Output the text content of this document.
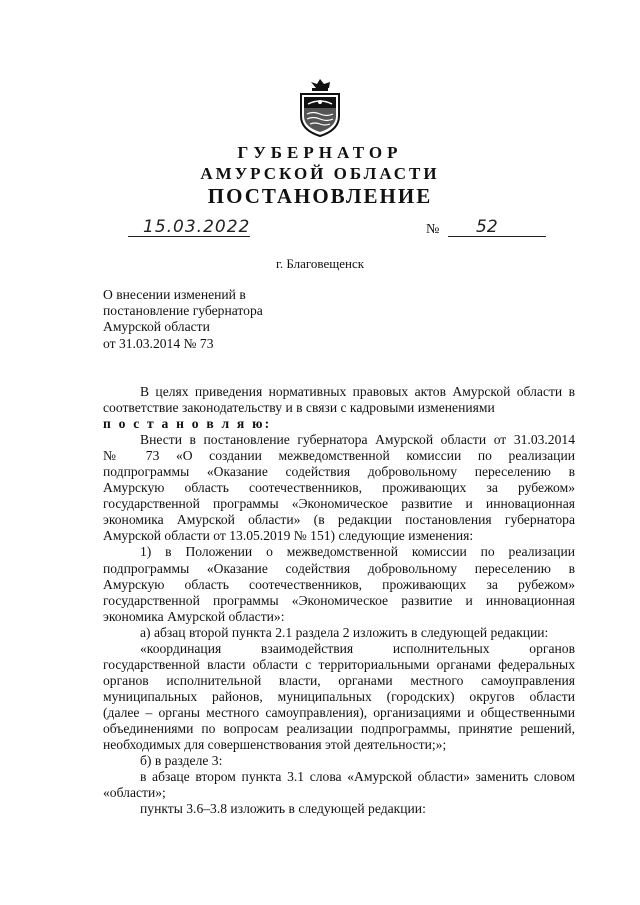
ГУБЕРНАТОР
АМУРСКОЙ ОБЛАСТИ
ПОСТАНОВЛЕНИЕ
15.03.2022	№ 52
г. Благовещенск
О внесении изменений в
постановление губернатора
Амурской области
от 31.03.2014 № 73

В целях приведения нормативных правовых актов Амурской области в
соответствие законодательству и в связи с кадровыми изменениями

п о с т а н о в л я ю:

Внести в постановление губернатора Амурской области от 31.03.2014
№ 73 «О создании межведомственной комиссии по реализации
подпрограммы «Оказание содействия добровольному переселению в
Амурскую область соотечественников, проживающих за рубежом»
государственной программы «Экономическое развитие и инновационная
экономика Амурской области» (в редакции постановления губернатора
Амурской области от 13.05.2019 № 151) следующие изменения:

1) в Положении о межведомственной комиссии по реализации
подпрограммы «Оказание содействия добровольному переселению в
Амурскую область соотечественников, проживающих за рубежом»
государственной программы «Экономическое развитие и инновационная
экономика Амурской области»:

а) абзац второй пункта 2.1 раздела 2 изложить в следующей редакции:

«координация взаимодействия исполнительных органов
государственной власти области с территориальными органами федеральных
органов исполнительной власти, органами местного самоуправления
муниципальных районов, муниципальных (городских) округов области
(далее – органы местного самоуправления), организациями и общественными
объединениями по вопросам реализации подпрограммы, принятие решений,
необходимых для совершенствования этой деятельности;»;

б) в разделе 3:

в абзаце втором пункта 3.1 слова «Амурской области» заменить словом
«области»;

пункты 3.6–3.8 изложить в следующей редакции:
